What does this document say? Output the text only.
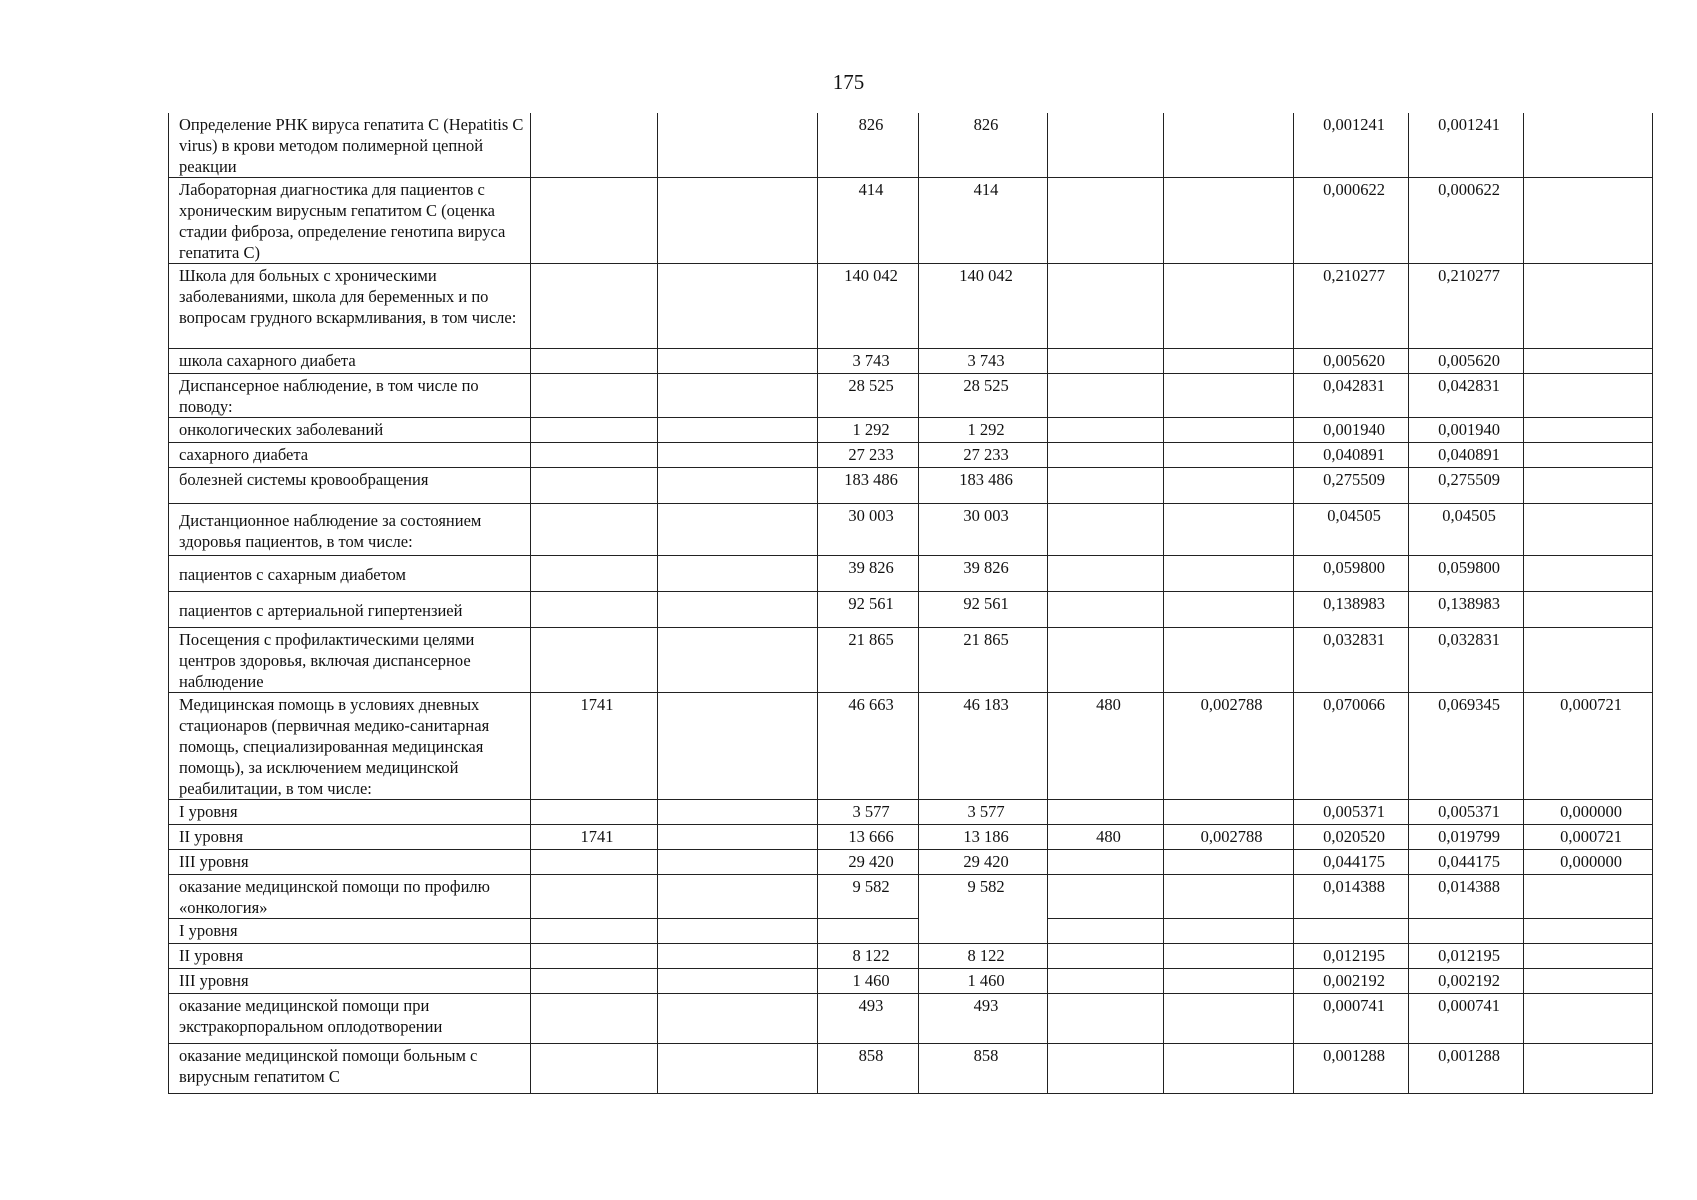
175
Определение РНК вируса гепатита С (Hepatitis C virus) в крови методом полимерной цепной реакции			826	826			0,001241	0,001241	
Лабораторная диагностика для пациентов с хроническим вирусным гепатитом С (оценка стадии фиброза, определение генотипа вируса гепатита С)			414	414			0,000622	0,000622	
Школа для больных с хроническими заболеваниями, школа для беременных и по вопросам грудного вскармливания, в том числе:			140 042	140 042			0,210277	0,210277	
школа сахарного диабета			3 743	3 743			0,005620	0,005620	
Диспансерное наблюдение, в том числе по поводу:			28 525	28 525			0,042831	0,042831	
онкологических заболеваний			1 292	1 292			0,001940	0,001940	
сахарного диабета			27 233	27 233			0,040891	0,040891	
болезней системы кровообращения			183 486	183 486			0,275509	0,275509	
Дистанционное наблюдение за состоянием здоровья пациентов, в том числе:			30 003	30 003			0,04505	0,04505	
пациентов с сахарным диабетом			39 826	39 826			0,059800	0,059800	
пациентов с артериальной гипертензией			92 561	92 561			0,138983	0,138983	
Посещения с профилактическими целями центров здоровья, включая диспансерное наблюдение			21 865	21 865			0,032831	0,032831	
Медицинская помощь в условиях дневных стационаров (первичная медико-санитарная помощь, специализированная медицинская помощь), за исключением медицинской реабилитации, в том числе:	1741		46 663	46 183	480	0,002788	0,070066	0,069345	0,000721
I уровня			3 577	3 577			0,005371	0,005371	0,000000
II уровня	1741		13 666	13 186	480	0,002788	0,020520	0,019799	0,000721
III уровня			29 420	29 420			0,044175	0,044175	0,000000
оказание медицинской помощи по профилю «онкология»			9 582	9 582			0,014388	0,014388	
I уровня									
II уровня			8 122	8 122			0,012195	0,012195	
III уровня			1 460	1 460			0,002192	0,002192	
оказание медицинской помощи при экстракорпоральном оплодотворении			493	493			0,000741	0,000741	
оказание медицинской помощи больным с вирусным гепатитом С			858	858			0,001288	0,001288	
